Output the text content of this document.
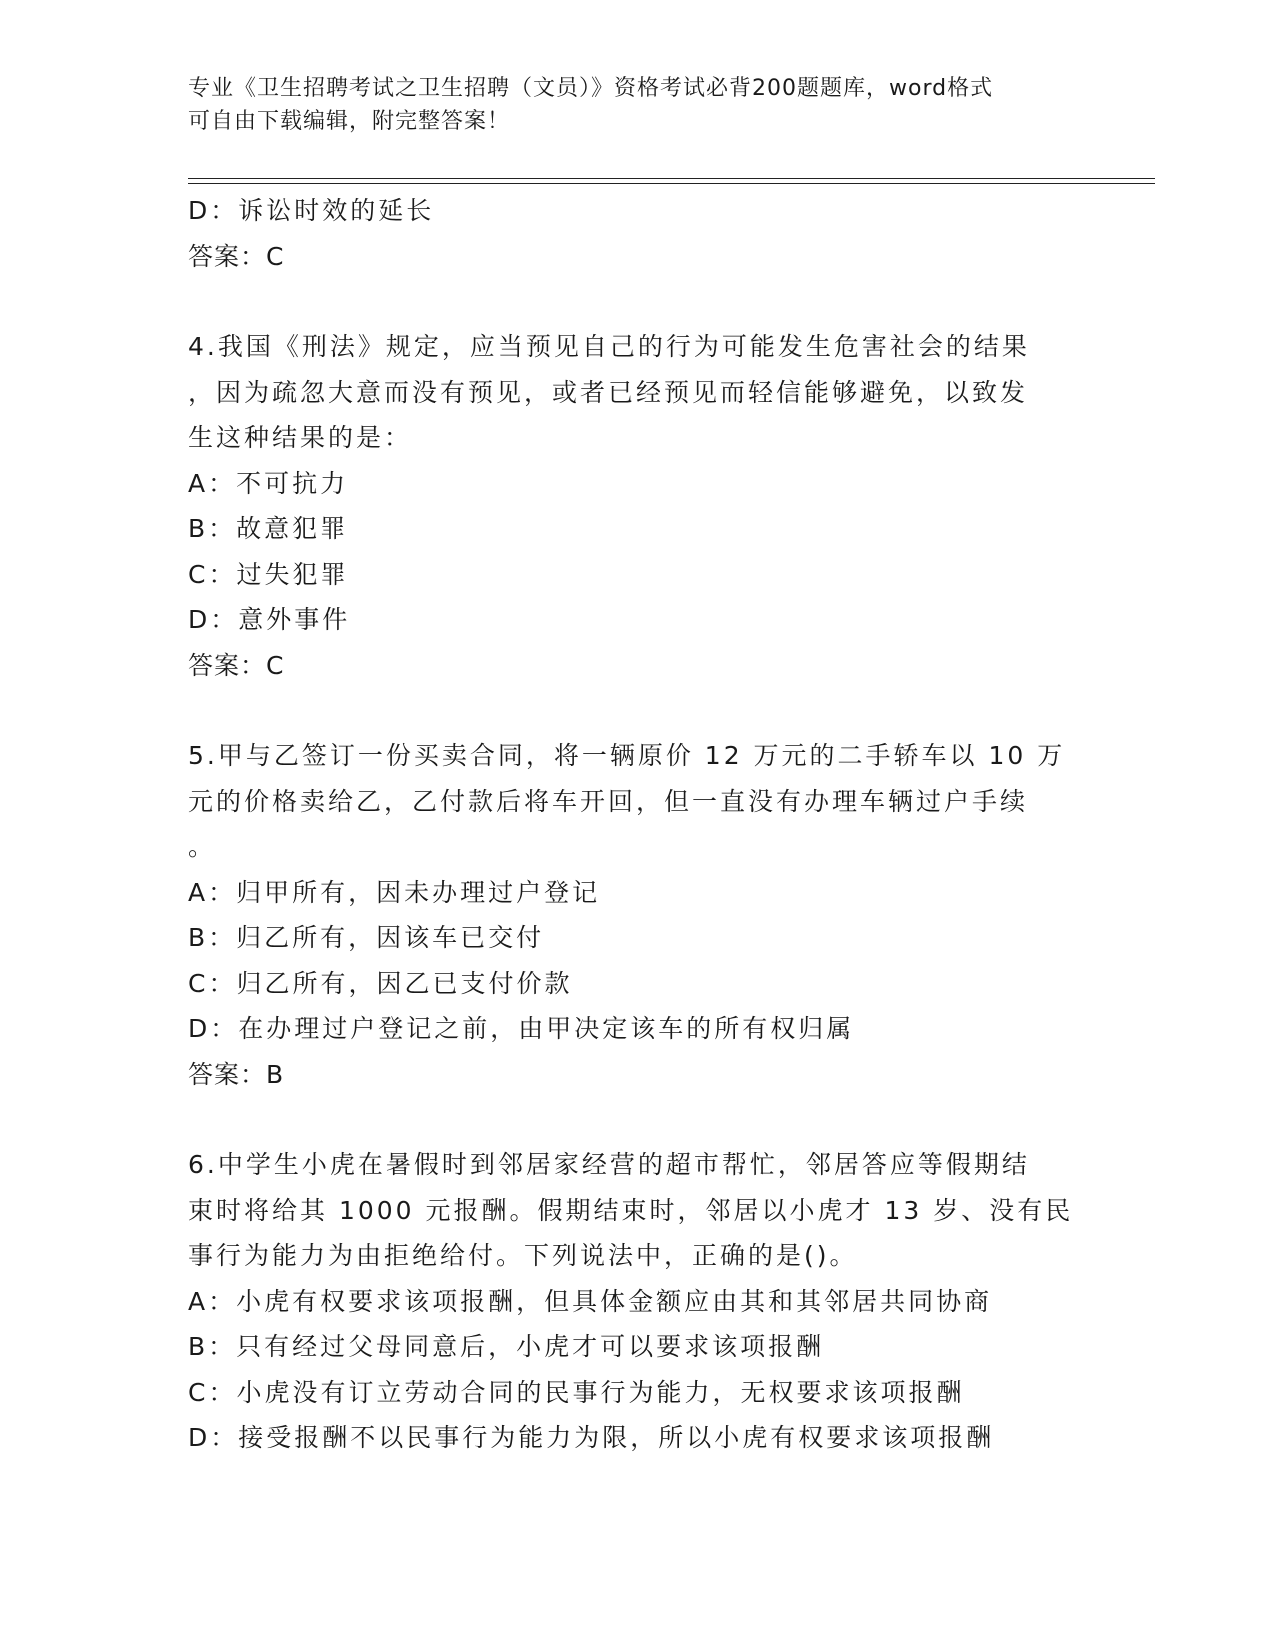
专业《卫生招聘考试之卫生招聘（文员）》资格考试必背200题题库，word格式
可自由下载编辑，附完整答案！
D：诉讼时效的延长
答案：C
4.我国《刑法》规定，应当预见自己的行为可能发生危害社会的结果
，因为疏忽大意而没有预见，或者已经预见而轻信能够避免，以致发
生这种结果的是：
A：不可抗力
B：故意犯罪
C：过失犯罪
D：意外事件
答案：C
5.甲与乙签订一份买卖合同，将一辆原价 12 万元的二手轿车以 10 万
元的价格卖给乙，乙付款后将车开回，但一直没有办理车辆过户手续
。
A：归甲所有，因未办理过户登记
B：归乙所有，因该车已交付
C：归乙所有，因乙已支付价款
D：在办理过户登记之前，由甲决定该车的所有权归属
答案：B
6.中学生小虎在暑假时到邻居家经营的超市帮忙，邻居答应等假期结
束时将给其 1000 元报酬。假期结束时，邻居以小虎才 13 岁、没有民
事行为能力为由拒绝给付。下列说法中，正确的是()。
A：小虎有权要求该项报酬，但具体金额应由其和其邻居共同协商
B：只有经过父母同意后，小虎才可以要求该项报酬
C：小虎没有订立劳动合同的民事行为能力，无权要求该项报酬
D：接受报酬不以民事行为能力为限，所以小虎有权要求该项报酬
